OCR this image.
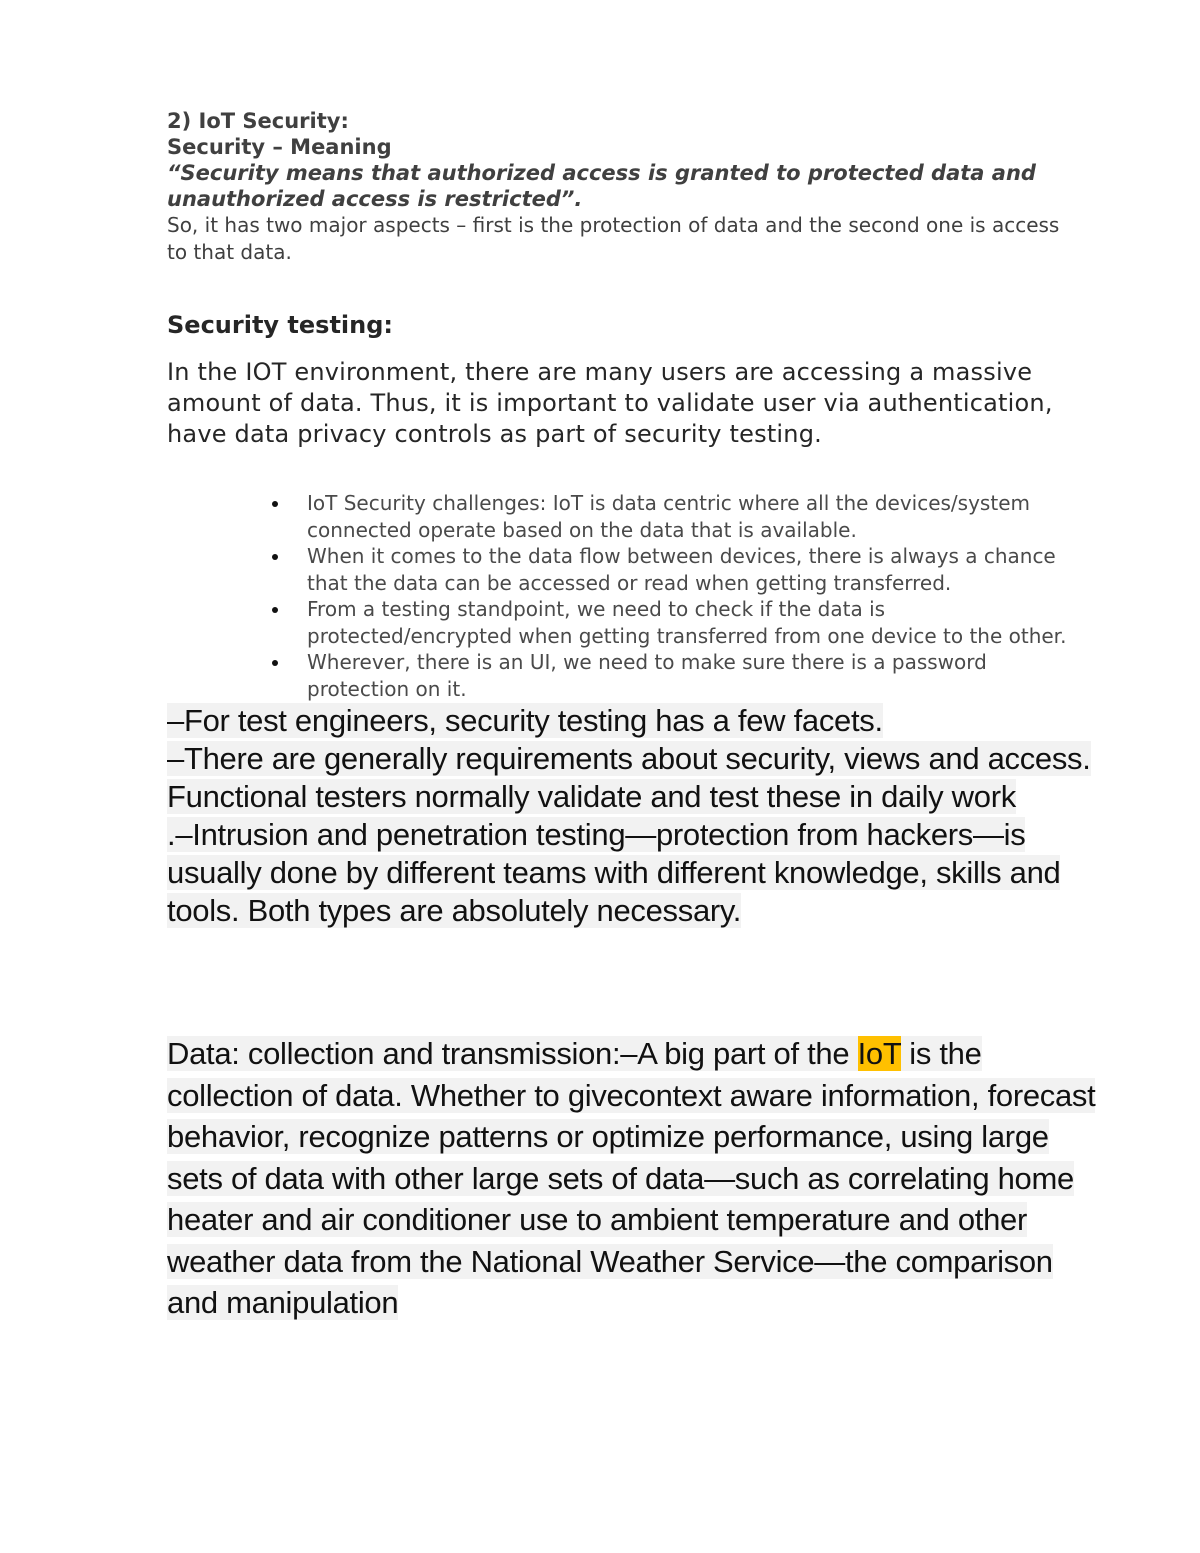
2) IoT Security:

Security – Meaning

“Security means that authorized access is granted to protected data and unauthorized access is restricted”.

So, it has two major aspects – first is the protection of data and the second one is access to that data.

Security testing:

In the IOT environment, there are many users are accessing a massive amount of data. Thus, it is important to validate user via authentication, have data privacy controls as part of security testing.

IoT Security challenges: IoT is data centric where all the devices/system connected operate based on the data that is available.
When it comes to the data flow between devices, there is always a chance that the data can be accessed or read when getting transferred.
From a testing standpoint, we need to check if the data is protected/encrypted when getting transferred from one device to the other.
Wherever, there is an UI, we need to make sure there is a password protection on it.

–For test engineers, security testing has a few facets.
–There are generally requirements about security, views and access. Functional testers normally validate and test these in daily work
.–Intrusion and penetration testing—protection from hackers—is usually done by different teams with different knowledge, skills and tools. Both types are absolutely necessary.

Data: collection and transmission:–A big part of the IoT is the collection of data. Whether to givecontext aware information, forecast behavior, recognize patterns or optimize performance, using large sets of data with other large sets of data—such as correlating home heater and air conditioner use to ambient temperature and other weather data from the National Weather Service—the comparison and manipulation
